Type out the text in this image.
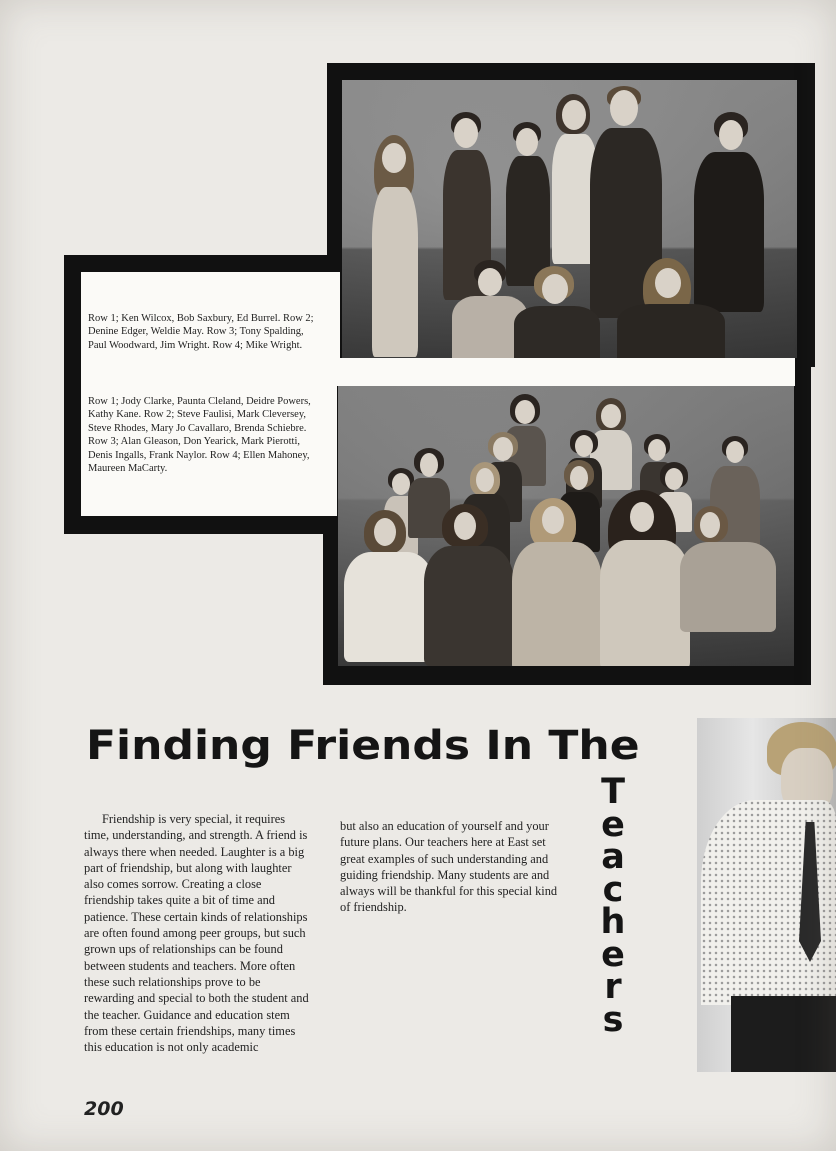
Row 1; Ken Wilcox, Bob Saxbury, Ed Burrel. Row 2; Denine Edger, Weldie May. Row 3; Tony Spalding, Paul Woodward, Jim Wright. Row 4; Mike Wright.

Row 1; Jody Clarke, Paunta Cleland, Deidre Powers, Kathy Kane. Row 2; Steve Faulisi, Mark Cleversey, Steve Rhodes, Mary Jo Cavallaro, Brenda Schiebre. Row 3; Alan Gleason, Don Yearick, Mark Pierotti, Denis Ingalls, Frank Naylor. Row 4; Ellen Mahoney, Maureen MaCarty.

Finding Friends In The
T
e
a
c
h
e
r
s

Friendship is very special, it requires time, understanding, and strength. A friend is always there when needed. Laughter is a big part of friendship, but along with laughter also comes sorrow. Creating a close friendship takes quite a bit of time and patience. These certain kinds of relationships are often found among peer groups, but such grown ups of relationships can be found between students and teachers. More often these such relationships prove to be rewarding and special to both the student and the teacher. Guidance and education stem from these certain friendships, many times this education is not only academic

but also an education of yourself and your future plans. Our teachers here at East set great examples of such understanding and guiding friendship. Many students are and always will be thankful for this special kind of friendship.

200
